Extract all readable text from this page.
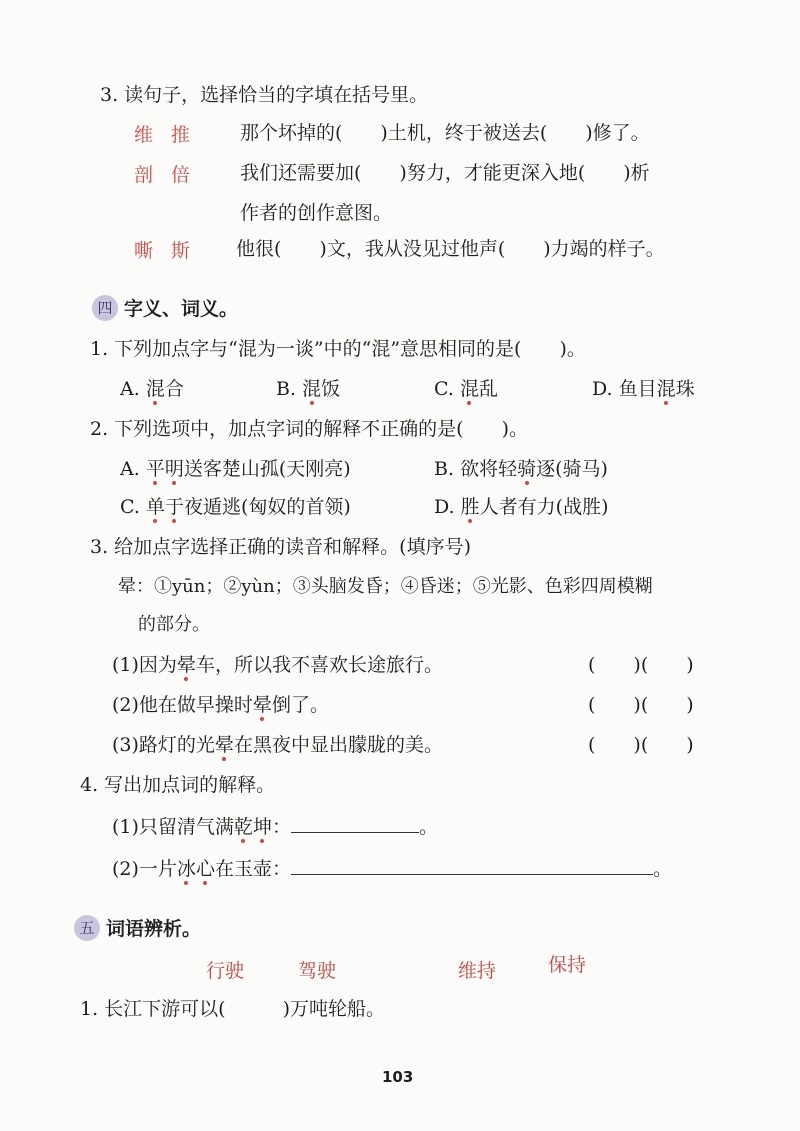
3. 读句子，选择恰当的字填在括号里。
维 推 那个坏掉的(　　)土机，终于被送去(　　)修了。
剖 倍 我们还需要加(　　)努力，才能更深入地(　　)析
作者的创作意图。
嘶 斯 他很(　　)文，我从没见过他声(　　)力竭的样子。
四 字义、词义。
1. 下列加点字与“混为一谈”中的“混”意思相同的是(　　)。
A. 混合	B. 混饭	C. 混乱	D. 鱼目混珠
2. 下列选项中，加点字词的解释不正确的是(　　)。
A. 平明送客楚山孤(天刚亮)	B. 欲将轻骑逐(骑马)
C. 单于夜遁逃(匈奴的首领)	D. 胜人者有力(战胜)
3. 给加点字选择正确的读音和解释。(填序号)
晕：①yūn；②yùn；③头脑发昏；④昏迷；⑤光影、色彩四周模糊
的部分。
(1)因为晕车，所以我不喜欢长途旅行。	(　　)(　　)
(2)他在做早操时晕倒了。	(　　)(　　)
(3)路灯的光晕在黑夜中显出朦胧的美。	(　　)(　　)
4. 写出加点词的解释。
(1)只留清气满乾坤：	。
(2)一片冰心在玉壶：	。
五 词语辨析。
行驶	驾驶	维持	保持
1. 长江下游可以(　　　)万吨轮船。
103
